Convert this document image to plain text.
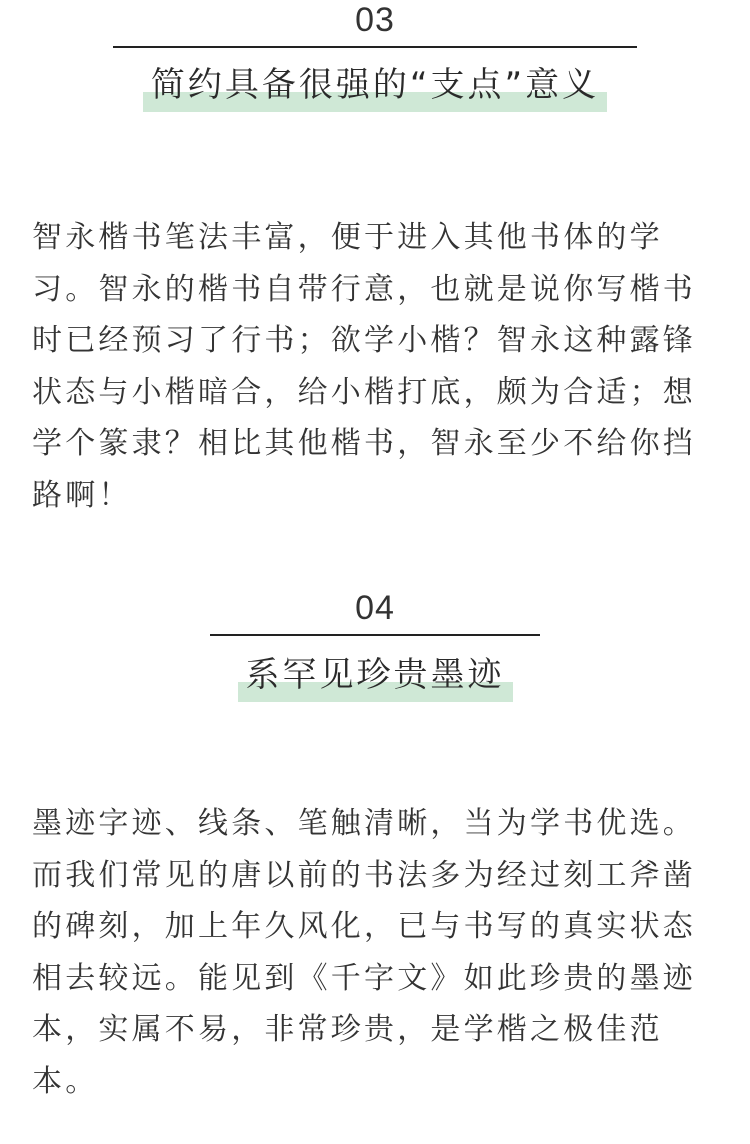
03
简约具备很强的“支点”意义
智永楷书笔法丰富，便于进入其他书体的学
习。智永的楷书自带行意，也就是说你写楷书
时已经预习了行书；欲学小楷？智永这种露锋
状态与小楷暗合，给小楷打底，颇为合适；想
学个篆隶？相比其他楷书，智永至少不给你挡
路啊！
04
系罕见珍贵墨迹
墨迹字迹、线条、笔触清晰，当为学书优选。
而我们常见的唐以前的书法多为经过刻工斧凿
的碑刻，加上年久风化，已与书写的真实状态
相去较远。能见到《千字文》如此珍贵的墨迹
本，实属不易，非常珍贵，是学楷之极佳范
本。
